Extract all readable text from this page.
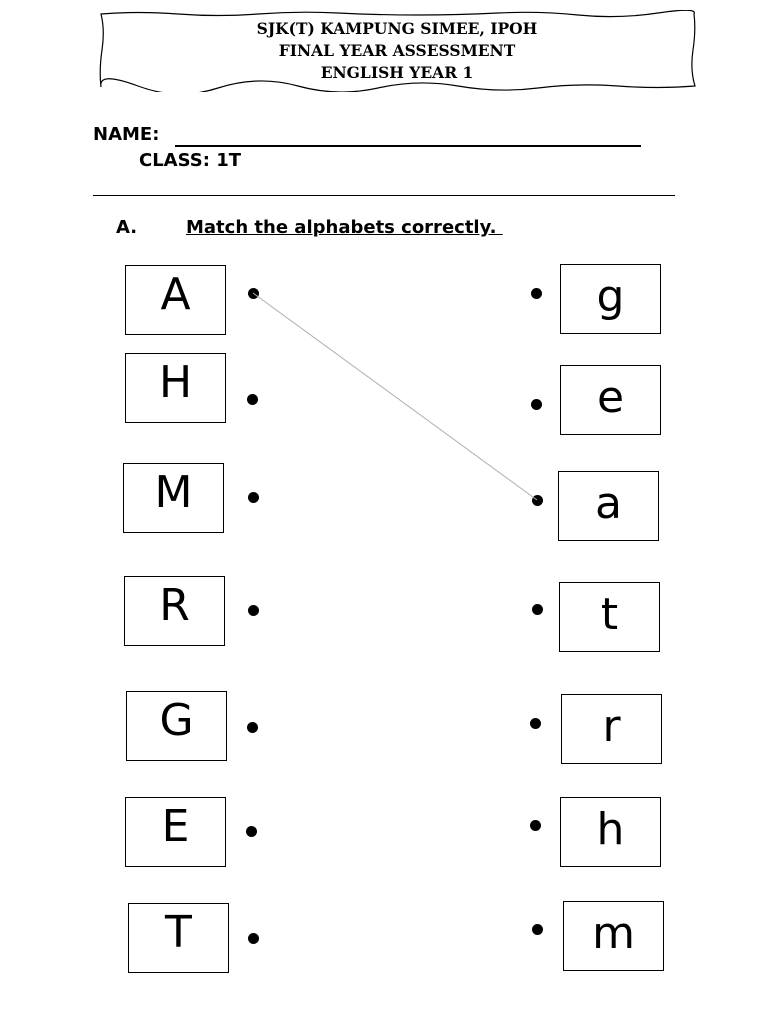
SJK(T) KAMPUNG SIMEE, IPOH
FINAL YEAR ASSESSMENT
ENGLISH YEAR 1
NAME:
CLASS: 1T
A.	Match the alphabets correctly.
A
H
M
R
G
E
T
g
e
a
t
r
h
m
